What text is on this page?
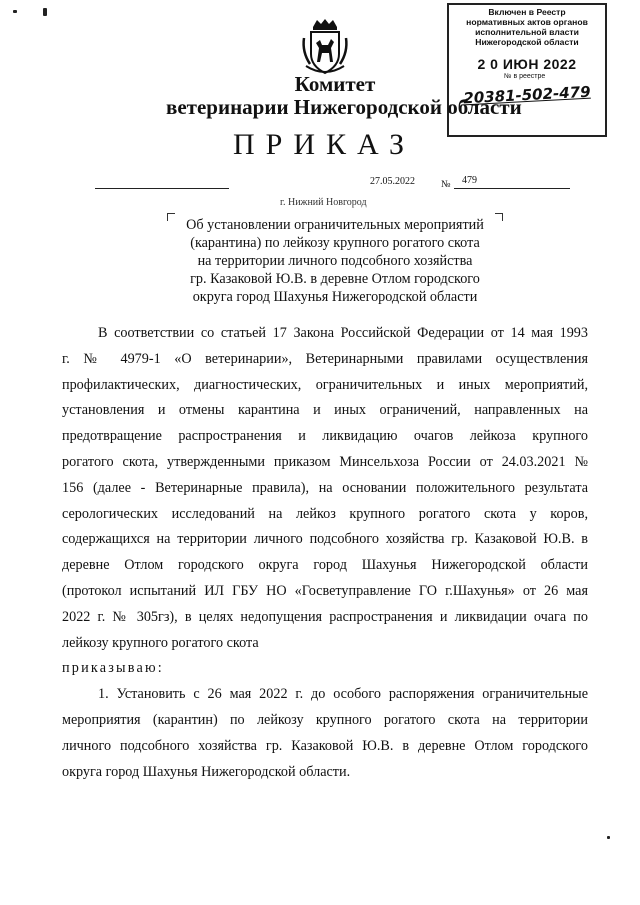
Включен в Реестр
нормативных актов органов
исполнительной власти
Нижегородской области
2 0 ИЮН 2022
№ в реестре
20381-502-479
Комитет
ветеринарии Нижегородской области
ПРИКАЗ
27.05.2022	№ 479
г. Нижний Новгород
Об установлении ограничительных мероприятий
(карантина) по лейкозу крупного рогатого скота
на территории личного подсобного хозяйства
гр. Казаковой Ю.В. в деревне Отлом городского
округа город Шахунья Нижегородской области

В соответствии со статьей 17 Закона Российской Федерации от 14 мая 1993

г. № 4979-1 «О ветеринарии», Ветеринарными правилами осуществления

профилактических, диагностических, ограничительных и иных мероприятий,

установления и отмены карантина и иных ограничений, направленных на

предотвращение распространения и ликвидацию очагов лейкоза крупного

рогатого скота, утвержденными приказом Минсельхоза России от 24.03.2021 №

156 (далее - Ветеринарные правила), на основании положительного результата

серологических исследований на лейкоз крупного рогатого скота у коров,

содержащихся на территории личного подсобного хозяйства гр. Казаковой Ю.В. в

деревне Отлом городского округа город Шахунья Нижегородской области

(протокол испытаний ИЛ ГБУ НО «Госветуправление ГО г.Шахунья» от 26 мая

2022 г. № 305гз), в целях недопущения распространения и ликвидации очага по

лейкозу крупного рогатого скота

приказываю:

1. Установить с 26 мая 2022 г. до особого распоряжения ограничительные

мероприятия (карантин) по лейкозу крупного рогатого скота на территории

личного подсобного хозяйства гр. Казаковой Ю.В. в деревне Отлом городского

округа город Шахунья Нижегородской области.
